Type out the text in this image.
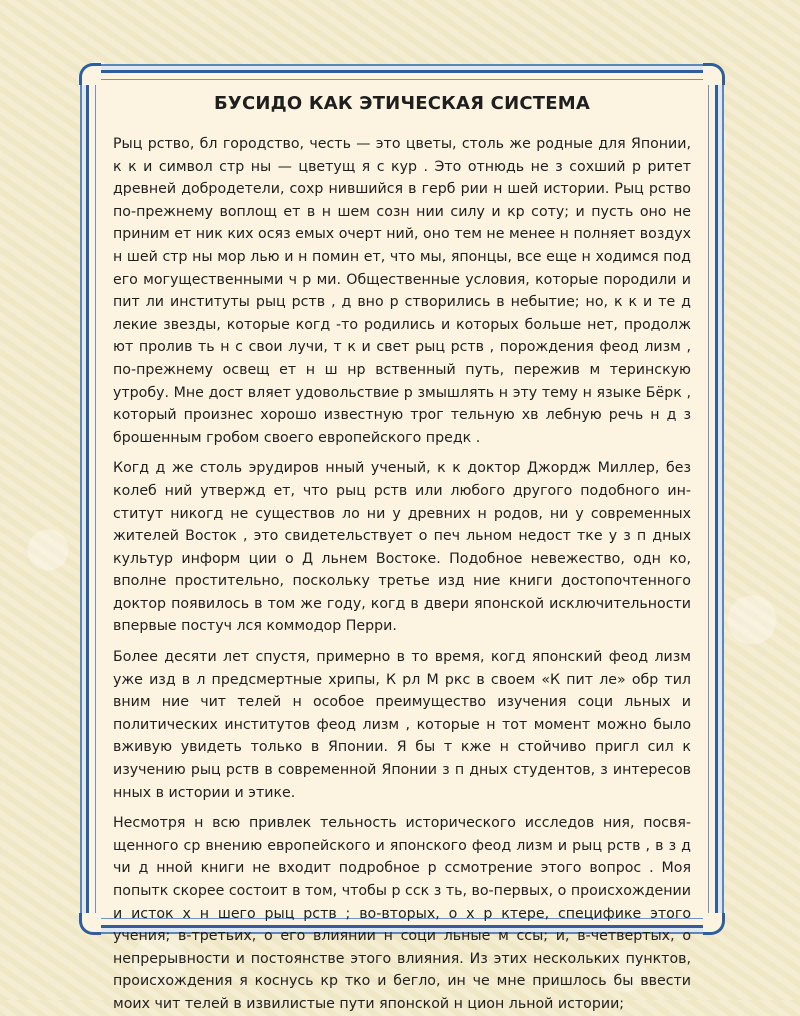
БУСИДО КАК ЭТИЧЕСКАЯ СИСТЕМА

Рыц рство, бл городство, честь — это цветы, столь же родные для Японии, к к и символ стр ны — цветущ я с кур . Это отнюдь не з сохший р ритет древней добродетели, сохр нившийся в герб рии н шей истории. Рыц рство по-прежнему воплощ ет в н шем созн нии силу и кр соту; и пусть оно не приним ет ник ких осяз емых очерт ний, оно тем не менее н полняет воздух н шей стр ны мор лью и н помин ет, что мы, японцы, все еще н ходимся под его могущественными ч р ми. Общественные условия, которые породили и пит ли институты рыц рств , д вно р створились в небытие; но, к к и те д лекие звезды, которые когд -то родились и которых больше нет, продолж ют пролив ть н с свои лучи, т к и свет рыц рств , порождения феод лизм , по-прежнему освещ ет н ш нр вственный путь, пережив м теринскую утробу. Мне дост вляет удовольствие р змышлять н эту тему н языке Бёрк , который произнес хорошо известную трог тельную хв лебную речь н д з брошенным гробом своего европейского предк .

Когд д же столь эрудиров нный ученый, к к доктор Джордж Миллер, без колеб ний утвержд ет, что рыц рств или любого другого подобного институт никогд не существов ло ни у древних н родов, ни у современных жителей Восток , это свидетельствует о печ льном недост тке у з п дных культур информ ции о Д льнем Востоке. Подобное невежество, одн ко, вполне простительно, поскольку третье изд ние книги достопочтенного доктор появилось в том же году, когд в двери японской исключительности впервые постуч лся коммодор Перри.

Более десяти лет спустя, примерно в то время, когд японский феод лизм уже изд в л предсмертные хрипы, К рл М ркс в своем «К пит ле» обр тил вним ние чит телей н особое преимущество изучения соци льных и политических институтов феод лизм , которые н тот момент можно было вживую увидеть только в Японии. Я бы т кже н стойчиво пригл сил к изучению рыц рств в современной Японии з п дных студентов, з интересов нных в истории и этике.

Несмотря н всю привлек тельность исторического исследов ния, посвященного ср внению европейского и японского феод лизм и рыц рств , в з д чи д нной книги не входит подробное р ссмотрение этого вопрос . Моя попытк скорее состоит в том, чтобы р сск з ть, во-первых, о происхождении и исток х н шего рыц рств ; во-вторых, о х р ктере, специфике этого учения; в-третьих, о его влиянии н соци льные м ссы; и, в-четвертых, о непрерывности и постоянстве этого влияния. Из этих нескольких пунктов, происхождения я коснусь кр тко и бегло, ин че мне пришлось бы ввести моих чит телей в извилистые пути японской н цион льной истории;
